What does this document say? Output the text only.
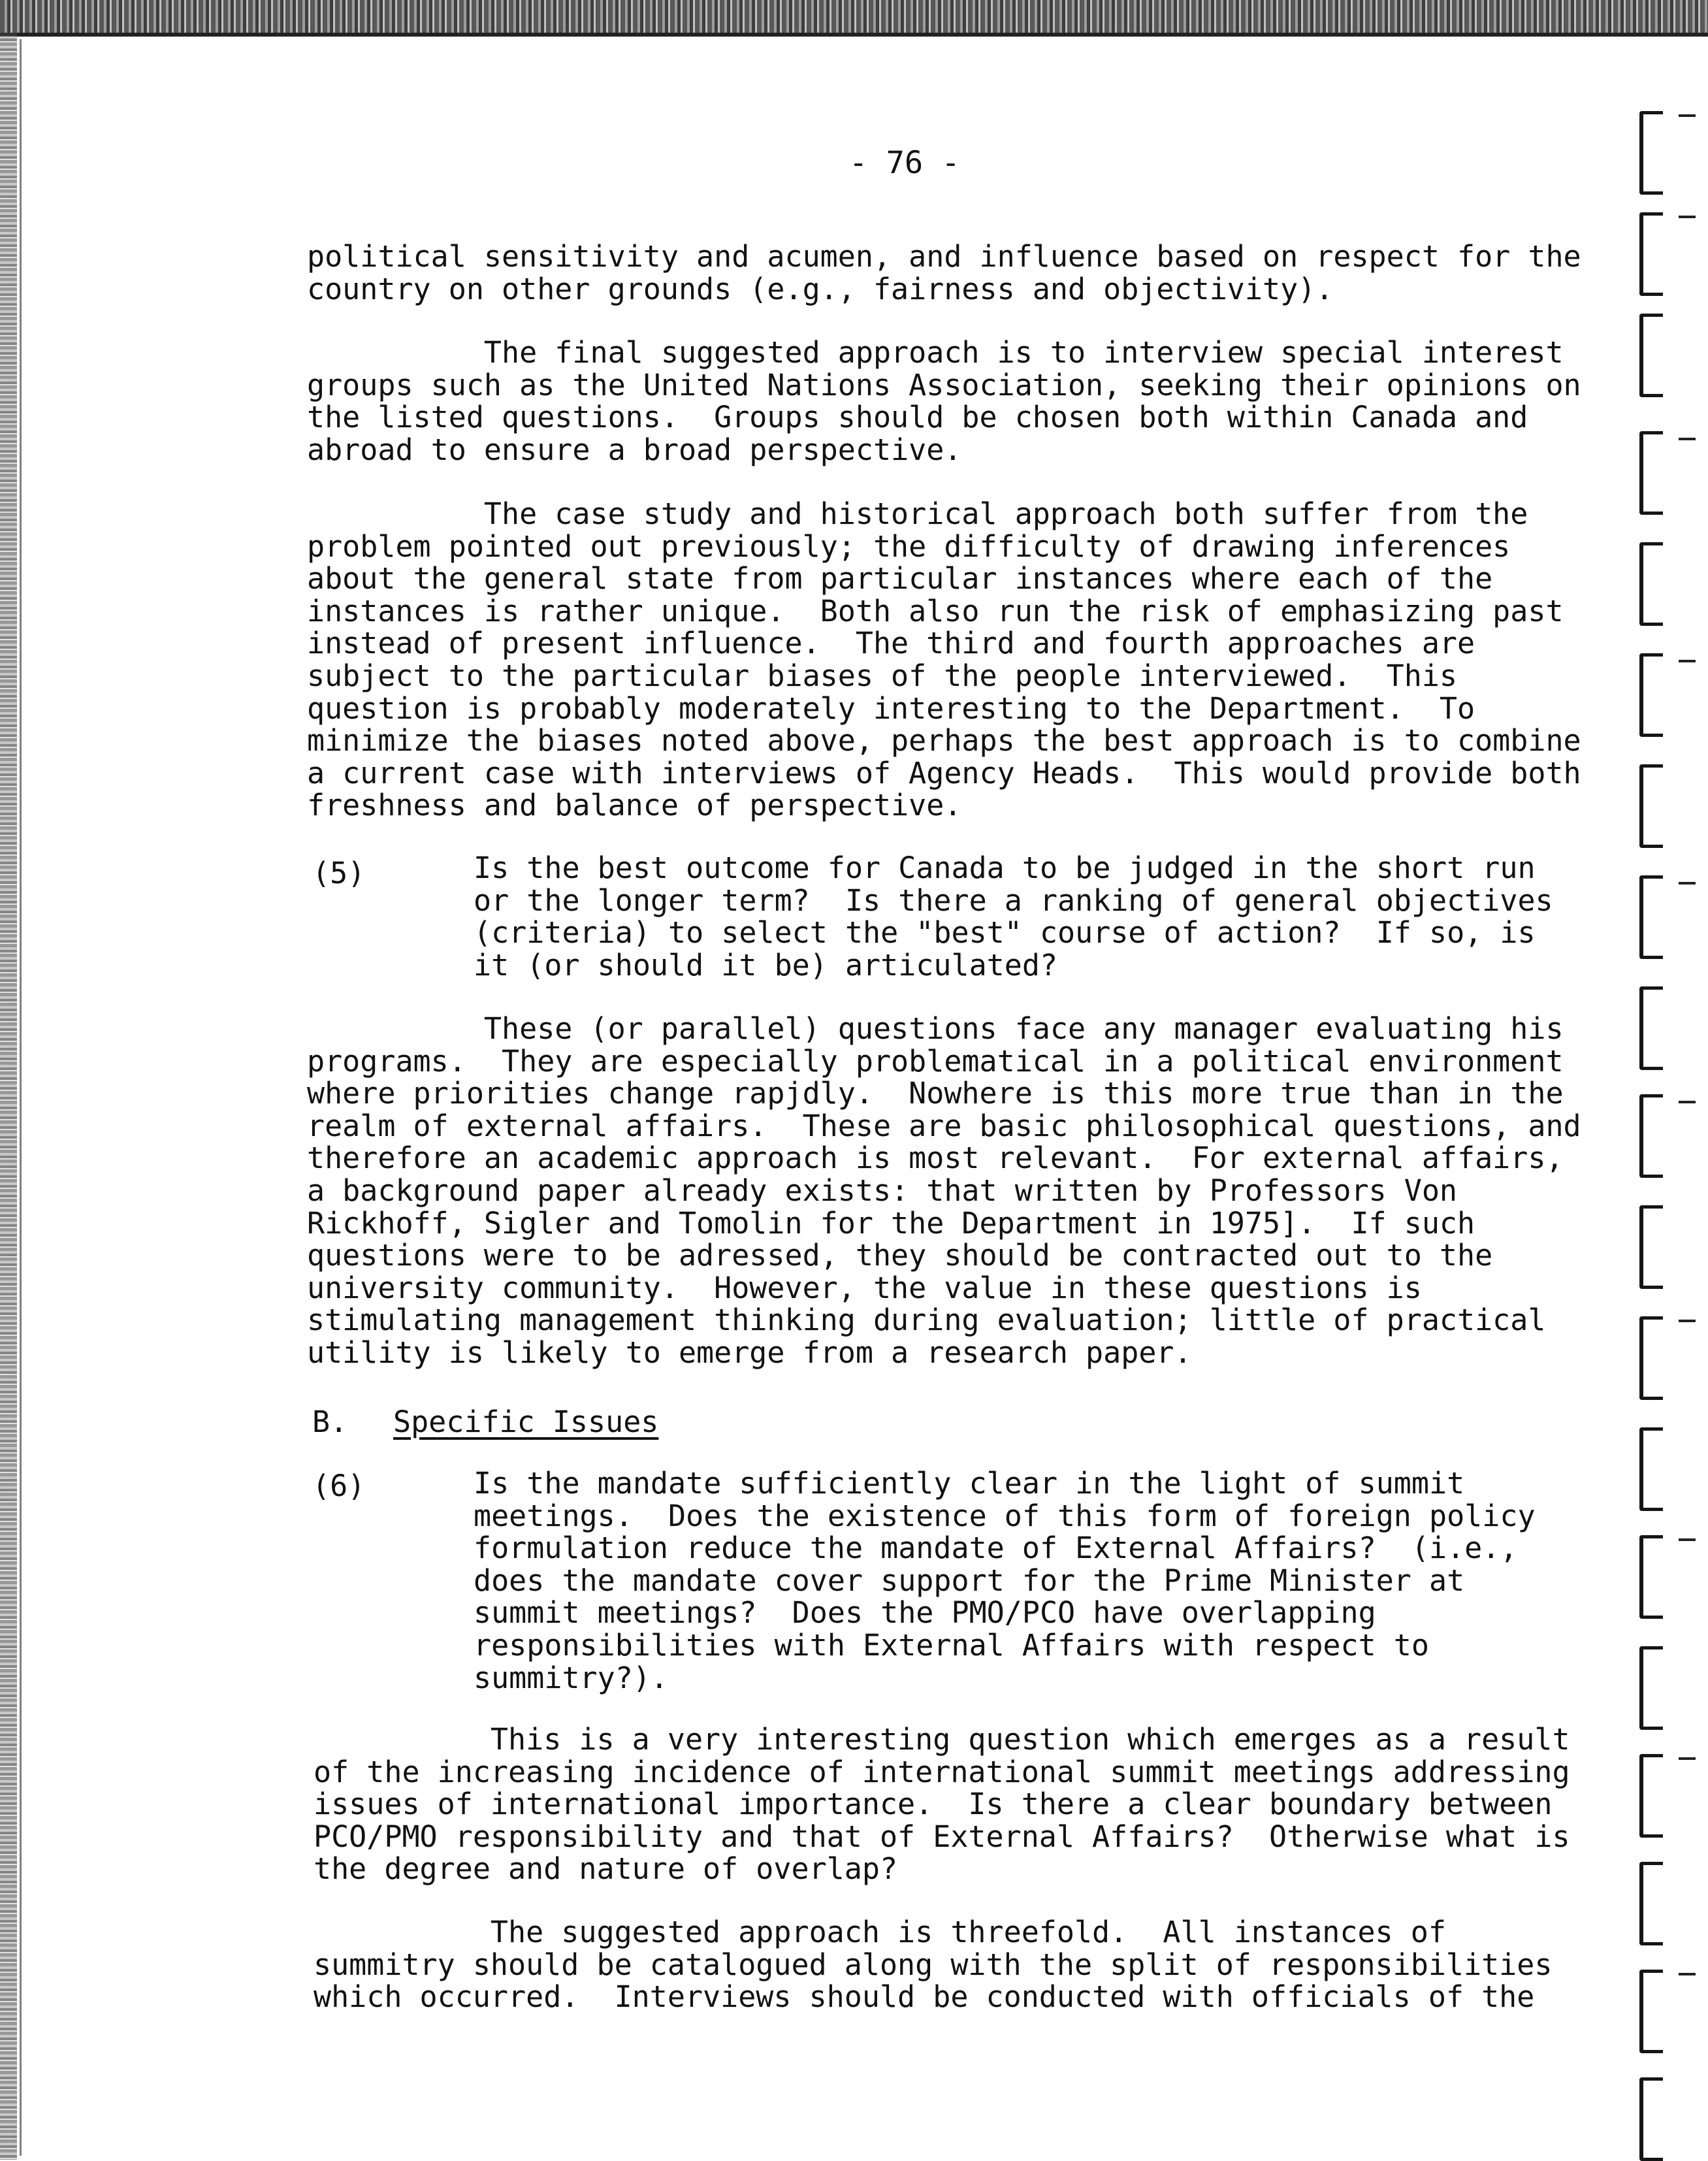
- 76 -

political sensitivity and acumen, and influence based on respect for the
country on other grounds (e.g., fairness and objectivity).

The final suggested approach is to interview special interest
groups such as the United Nations Association, seeking their opinions on
the listed questions.  Groups should be chosen both within Canada and
abroad to ensure a broad perspective.

The case study and historical approach both suffer from the
problem pointed out previously; the difficulty of drawing inferences
about the general state from particular instances where each of the
instances is rather unique.  Both also run the risk of emphasizing past
instead of present influence.  The third and fourth approaches are
subject to the particular biases of the people interviewed.  This
question is probably moderately interesting to the Department.  To
minimize the biases noted above, perhaps the best approach is to combine
a current case with interviews of Agency Heads.  This would provide both
freshness and balance of perspective.

(5)	Is the best outcome for Canada to be judged in the short run
or the longer term?  Is there a ranking of general objectives
(criteria) to select the "best" course of action?  If so, is
it (or should it be) articulated?

These (or parallel) questions face any manager evaluating his
programs.  They are especially problematical in a political environment
where priorities change rapjdly.  Nowhere is this more true than in the
realm of external affairs.  These are basic philosophical questions, and
therefore an academic approach is most relevant.  For external affairs,
a background paper already exists: that written by Professors Von
Rickhoff, Sigler and Tomolin for the Department in 1975].  If such
questions were to be adressed, they should be contracted out to the
university community.  However, the value in these questions is
stimulating management thinking during evaluation; little of practical
utility is likely to emerge from a research paper.

B. Specific Issues

(6)	Is the mandate sufficiently clear in the light of summit
meetings.  Does the existence of this form of foreign policy
formulation reduce the mandate of External Affairs?  (i.e.,
does the mandate cover support for the Prime Minister at
summit meetings?  Does the PMO/PCO have overlapping
responsibilities with External Affairs with respect to
summitry?).

This is a very interesting question which emerges as a result
of the increasing incidence of international summit meetings addressing
issues of international importance.  Is there a clear boundary between
PCO/PMO responsibility and that of External Affairs?  Otherwise what is
the degree and nature of overlap?

The suggested approach is threefold.  All instances of
summitry should be catalogued along with the split of responsibilities
which occurred.  Interviews should be conducted with officials of the
